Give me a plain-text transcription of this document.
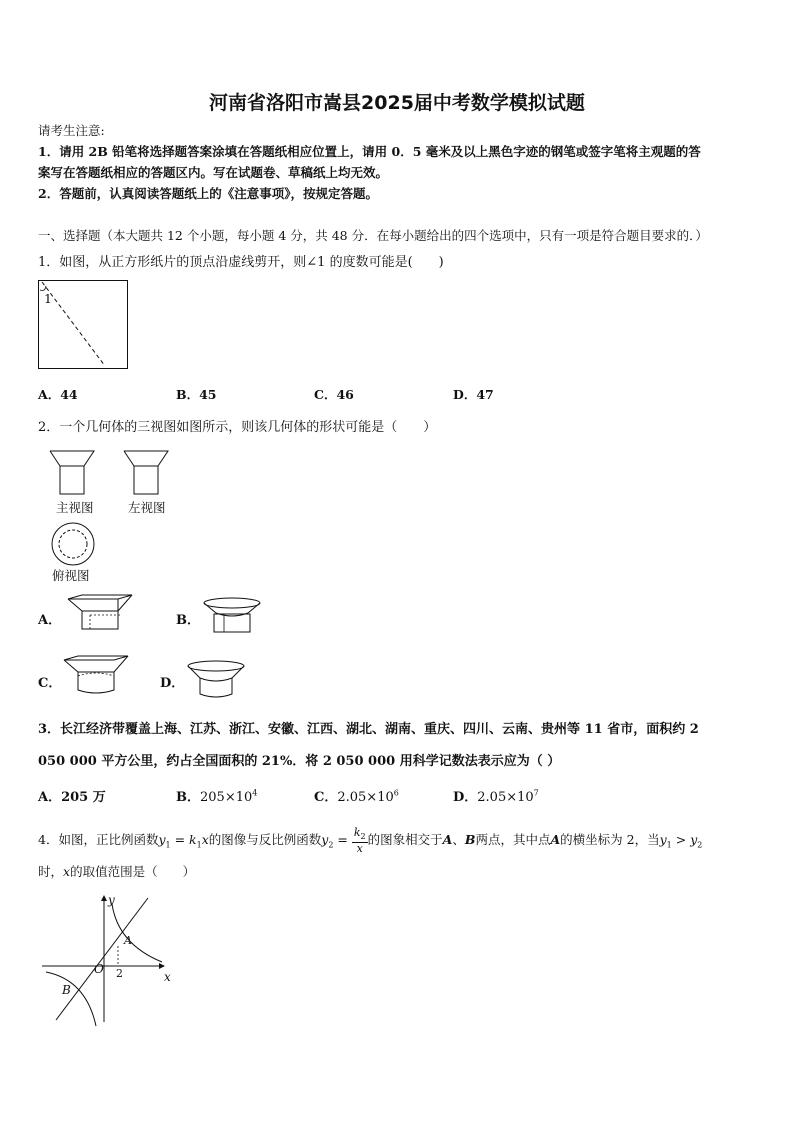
河南省洛阳市嵩县2025届中考数学模拟试题
请考生注意:
1．请用 2B 铅笔将选择题答案涂填在答题纸相应位置上，请用 0．5 毫米及以上黑色字迹的钢笔或签字笔将主观题的答
案写在答题纸相应的答题区内。写在试题卷、草稿纸上均无效。
2．答题前，认真阅读答题纸上的《注意事项》，按规定答题。
一、选择题（本大题共 12 个小题，每小题 4 分，共 48 分．在每小题给出的四个选项中，只有一项是符合题目要求的．）
1．如图，从正方形纸片的顶点沿虚线剪开，则∠1 的度数可能是(　　)
1
A．44	B．45	C．46	D．47
2．一个几何体的三视图如图所示，则该几何体的形状可能是（　　）
主视图	左视图
俯视图
A．	B．
C．	D．
3．长江经济带覆盖上海、江苏、浙江、安徽、江西、湖北、湖南、重庆、四川、云南、贵州等 11 省市，面积约 2
050 000 平方公里，约占全国面积的 21%．将 2 050 000 用科学记数法表示应为（ ）
A．205 万	B．$205\times 10^4$	C．$2.05\times 10^6$	D．$2.05\times 10^7$
4．如图，正比例函数$y_1 = k_1x$的图像与反比例函数$y_2 = \frac{k_2}{x}$ 的图象相交于A、B两点，其中点A的横坐标为 2，当$y_1 > y_2$
时，x的取值范围是（　　）
y
x
O
A
B
2
